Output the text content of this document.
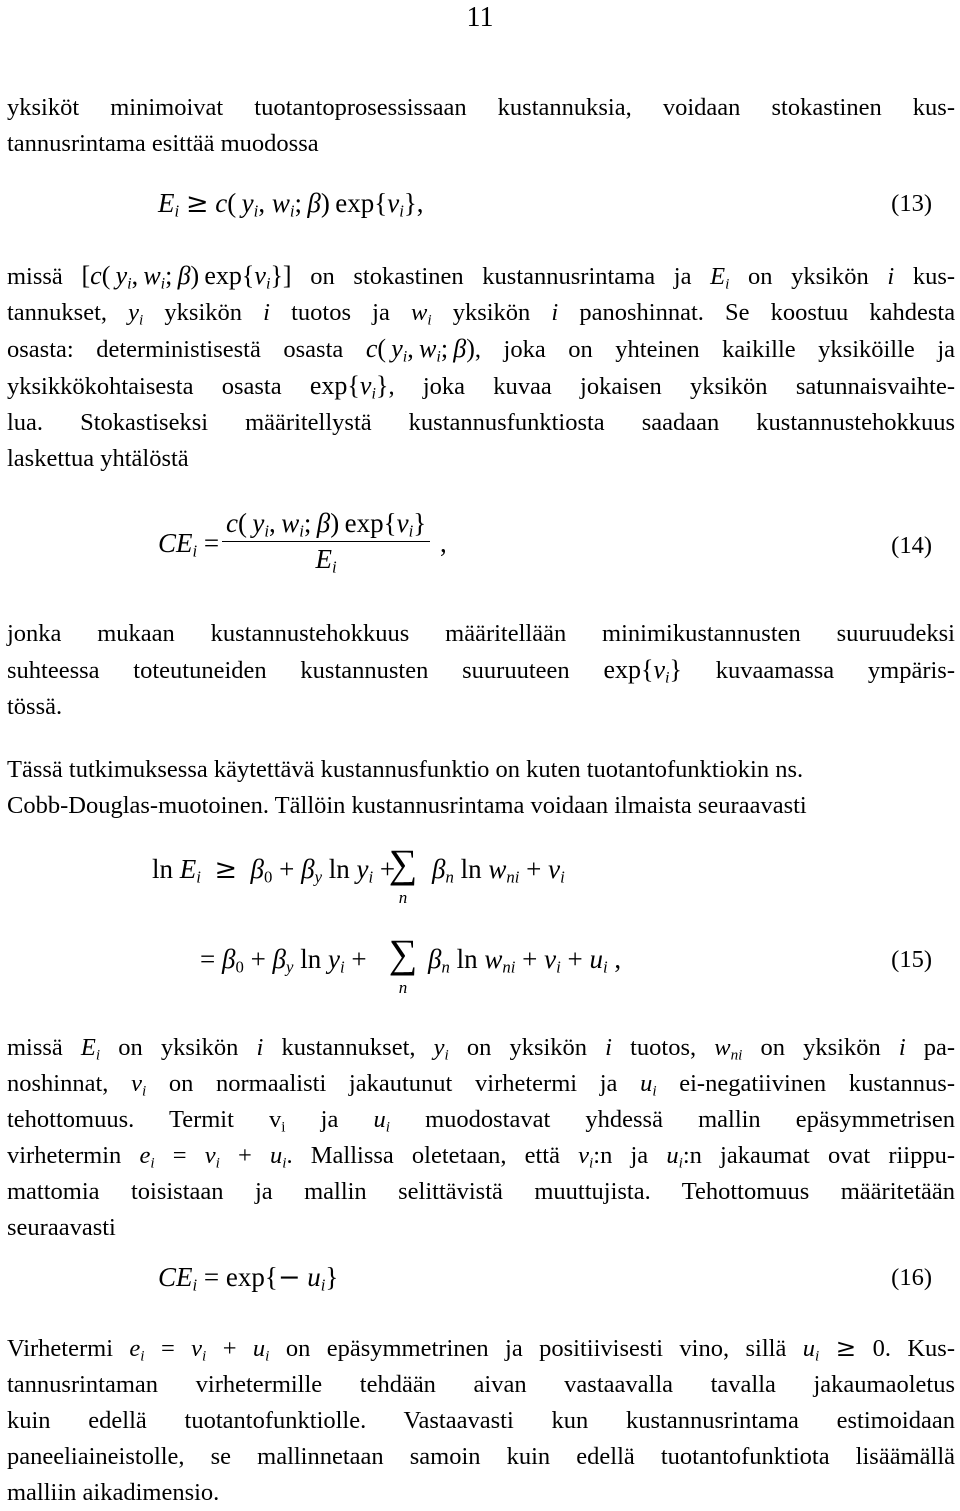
11
yksiköt minimoivat tuotantoprosessissaan kustannuksia, voidaan stokastinen kus-
tannusrintama esittää muodossa
$E_i \ge c$( $y_i$, $w_i$; β) $\exp\{v_i\}$,	(13)
missä [c( $y_i$, $w_i$; β) $\exp\{v_i\}$] on stokastinen kustannusrintama ja $E_i$ on yksikön i kus-
tannukset, $y_i$ yksikön i tuotos ja $w_i$ yksikön i panoshinnat. Se koostuu kahdesta
osasta: deterministisestä osasta c( $y_i$, $w_i$; β), joka on yhteinen kaikille yksiköille ja
yksikkökohtaisesta osasta $\exp\{v_i\}$, joka kuvaa jokaisen yksikön satunnaisvaihte-
lua. Stokastiseksi määritellystä kustannusfunktiosta saadaan kustannustehokkuus
laskettua yhtälöstä
$CE_i = \frac{c( y_i, w_i; \beta) \exp\{v_i\}}{E_i}$ ,	(14)
jonka mukaan kustannustehokkuus määritellään minimikustannusten suuruudeksi
suhteessa toteutuneiden kustannusten suuruuteen $\exp\{v_i\}$ kuvaamassa ympäris-
tössä.
Tässä tutkimuksessa käytettävä kustannusfunktio on kuten tuotantofunktiokin ns.
Cobb-Douglas-muotoinen. Tällöin kustannusrintama voidaan ilmaista seuraavasti
$\ln E_i \ge \beta_0 + \beta_y$ $\ln y_i$ +
∑
n
$\beta_n$ $\ln w_{ni} + v_i$
= $\beta_0 + \beta_y$ $\ln y_i$ + ∑
n
$\beta_n$ $\ln w_{ni} + v_i + u_i$ ,	(15)
missä $E_i$ on yksikön i kustannukset, $y_i$ on yksikön i tuotos, $w_{ni}$ on yksikön i pa-
noshinnat, $v_i$ on normaalisti jakautunut virhetermi ja $u_i$ ei-negatiivinen kustannus-
tehottomuus. Termit $v_i$ ja $u_i$ muodostavat yhdessä mallin epäsymmetrisen
virhetermin $e_i = v_i + u_i$. Mallissa oletetaan, että $v_i:n$ ja $u_i:n$ jakaumat ovat riippu-
mattomia toisistaan ja mallin selittävistä muuttujista. Tehottomuus määritetään
seuraavasti
$CE_i = \exp\{- u_i\}$	(16)
Virhetermi $e_i = v_i + u_i$ on epäsymmetrinen ja positiivisesti vino, sillä $u_i \ge 0$. Kus-
tannusrintaman virhetermille tehdään aivan vastaavalla tavalla jakaumaoletus
kuin edellä tuotantofunktiolle. Vastaavasti kun kustannusrintama estimoidaan
paneeliaineistolle, se mallinnetaan samoin kuin edellä tuotantofunktiota lisäämällä
malliin aikadimensio.
